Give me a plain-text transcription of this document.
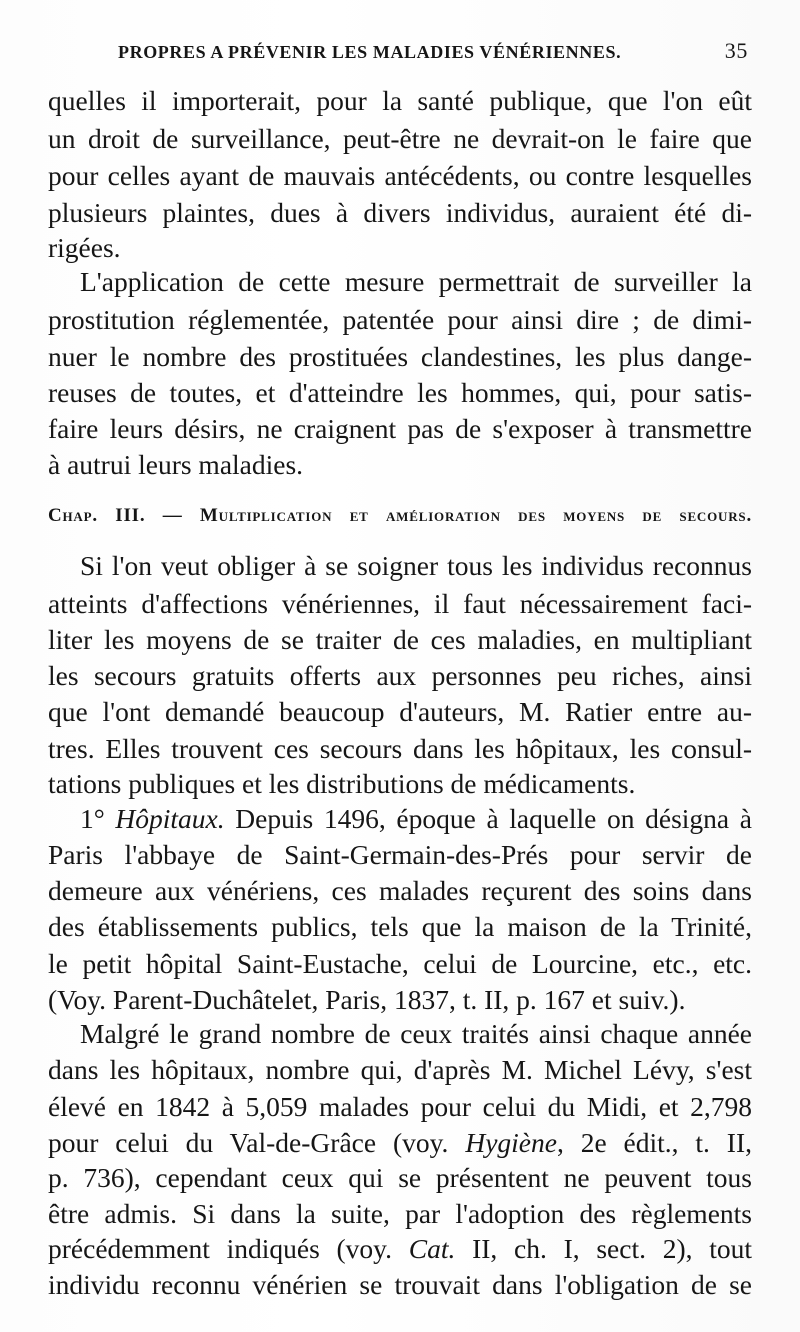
PROPRES A PRÉVENIR LES MALADIES VÉNÉRIENNES.	35
quelles il importerait, pour la santé publique, que l'on eût
un droit de surveillance, peut-être ne devrait-on le faire que
pour celles ayant de mauvais antécédents, ou contre lesquelles
plusieurs plaintes, dues à divers individus, auraient été di-
rigées.
L'application de cette mesure permettrait de surveiller la
prostitution réglementée, patentée pour ainsi dire ; de dimi-
nuer le nombre des prostituées clandestines, les plus dange-
reuses de toutes, et d'atteindre les hommes, qui, pour satis-
faire leurs désirs, ne craignent pas de s'exposer à transmettre
à autrui leurs maladies.
Chap. III. — Multiplication et amélioration des moyens de secours.
Si l'on veut obliger à se soigner tous les individus reconnus
atteints d'affections vénériennes, il faut nécessairement faci-
liter les moyens de se traiter de ces maladies, en multipliant
les secours gratuits offerts aux personnes peu riches, ainsi
que l'ont demandé beaucoup d'auteurs, M. Ratier entre au-
tres. Elles trouvent ces secours dans les hôpitaux, les consul-
tations publiques et les distributions de médicaments.
1° Hôpitaux. Depuis 1496, époque à laquelle on désigna à
Paris l'abbaye de Saint-Germain-des-Prés pour servir de
demeure aux vénériens, ces malades reçurent des soins dans
des établissements publics, tels que la maison de la Trinité,
le petit hôpital Saint-Eustache, celui de Lourcine, etc., etc.
(Voy. Parent-Duchâtelet, Paris, 1837, t. II, p. 167 et suiv.).
Malgré le grand nombre de ceux traités ainsi chaque année
dans les hôpitaux, nombre qui, d'après M. Michel Lévy, s'est
élevé en 1842 à 5,059 malades pour celui du Midi, et 2,798
pour celui du Val-de-Grâce (voy. Hygiène, 2e édit., t. II,
p. 736), cependant ceux qui se présentent ne peuvent tous
être admis. Si dans la suite, par l'adoption des règlements
précédemment indiqués (voy. Cat. II, ch. I, sect. 2), tout
individu reconnu vénérien se trouvait dans l'obligation de se
